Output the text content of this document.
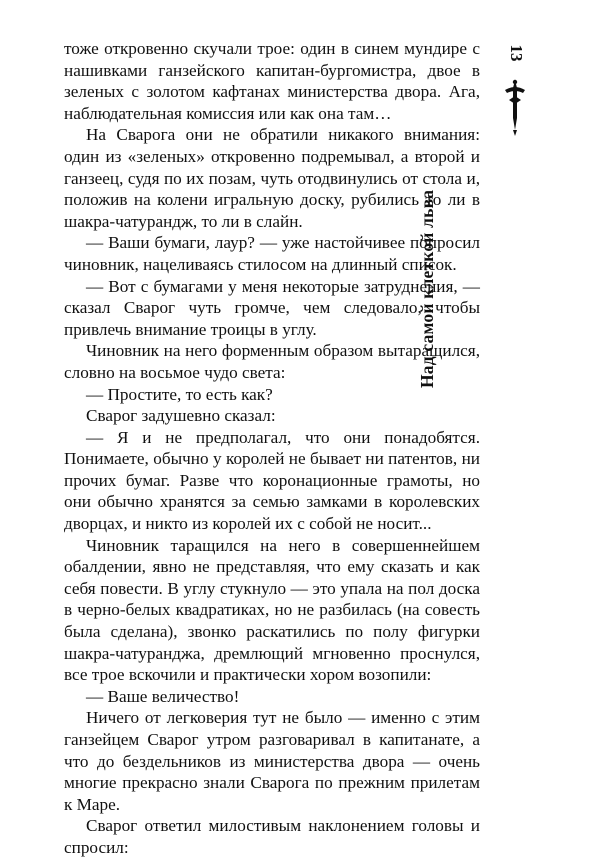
тоже откровенно скучали трое: один в синем мундире с нашивками ганзейского капитан-бургомистра, двое в зеленых с золотом кафтанах министерства двора. Ага, наблюдательная комиссия или как она там…

На Сварога они не обратили никакого внимания: один из «зеленых» откровенно подремывал, а второй и ганзеец, судя по их позам, чуть отодвинулись от стола и, положив на колени игральную доску, рубились то ли в шакра-чатурандж, то ли в слайн.

— Ваши бумаги, лаур? — уже настойчивее попросил чиновник, нацеливаясь стилосом на длинный список.

— Вот с бумагами у меня некоторые затруднения, — сказал Сварог чуть громче, чем следовало, чтобы привлечь внимание троицы в углу.

Чиновник на него форменным образом вытаращился, словно на восьмое чудо света:

— Простите, то есть как?

Сварог задушевно сказал:

— Я и не предполагал, что они понадобятся. Понимаете, обычно у королей не бывает ни патентов, ни прочих бумаг. Разве что коронационные грамоты, но они обычно хранятся за семью замками в королевских дворцах, и никто из королей их с собой не носит...

Чиновник таращился на него в совершеннейшем обалдении, явно не представляя, что ему сказать и как себя повести. В углу стукнуло — это упала на пол доска в черно-белых квадратиках, но не разбилась (на совесть была сделана), звонко раскатились по полу фигурки шакра-чатуранджа, дремлющий мгновенно проснулся, все трое вскочили и практически хором возопили:

— Ваше величество!

Ничего от легковерия тут не было — именно с этим ганзейцем Сварог утром разговаривал в капитанате, а что до бездельников из министерства двора — очень многие прекрасно знали Сварога по прежним прилетам к Маре.

Сварог ответил милостивым наклонением головы и спросил:

13
Над самой клеткой льва
